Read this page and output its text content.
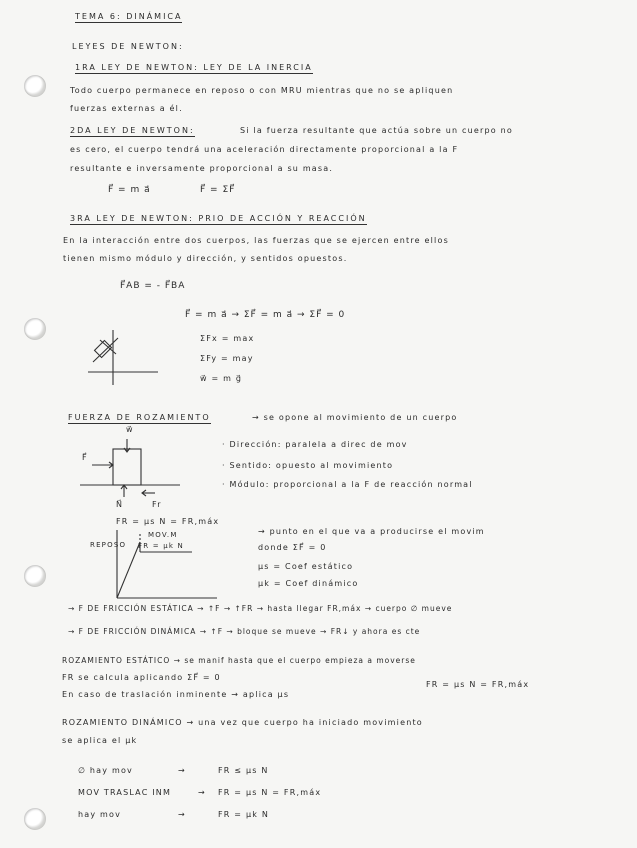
TEMA 6: DINÁMICA
LEYES DE NEWTON:
1RA LEY DE NEWTON: LEY DE LA INERCIA
Todo cuerpo permanece en reposo o con MRU mientras que no se apliquen
fuerzas externas a él.
2DA LEY DE NEWTON:	Si la fuerza resultante que actúa sobre un cuerpo no
es cero, el cuerpo tendrá una aceleración directamente proporcional a la F
resultante e inversamente proporcional a su masa.
F⃗ = m a⃗	F⃗ = ΣF⃗
3RA LEY DE NEWTON: PRIO DE ACCIÓN Y REACCIÓN
En la interacción entre dos cuerpos, las fuerzas que se ejercen entre ellos
tienen mismo módulo y dirección, y sentidos opuestos.
F⃗AB = - F⃗BA
F⃗ = m a⃗ → ΣF⃗ = m a⃗ → ΣF⃗ = 0
ΣFx = max
ΣFy = may
w⃗ = m g⃗
FUERZA DE ROZAMIENTO	→ se opone al movimiento de un cuerpo
w⃗
F⃗
N⃗	Fr
· Dirección: paralela a direc de mov
· Sentido: opuesto al movimiento
· Módulo: proporcional a la F de reacción normal
FR = μs N = FR,máx
REPOSO
MOV.M
FR = μk N
→ punto en el que va a producirse el movim
donde ΣF⃗ = 0
μs = Coef estático
μk = Coef dinámico
→ F DE FRICCIÓN ESTÁTICA → ↑F → ↑FR → hasta llegar FR,máx → cuerpo ∅ mueve
→ F DE FRICCIÓN DINÁMICA → ↑F → bloque se mueve → FR↓ y ahora es cte
ROZAMIENTO ESTÁTICO → se manif hasta que el cuerpo empieza a moverse
FR se calcula aplicando ΣF⃗ = 0
En caso de traslación inminente → aplica μs
FR = μs N = FR,máx
ROZAMIENTO DINÁMICO → una vez que cuerpo ha iniciado movimiento
se aplica el μk
∅ hay mov	→	FR ≤ μs N
MOV TRASLAC INM	→ FR = μs N = FR,máx
hay mov	→	FR = μk N
